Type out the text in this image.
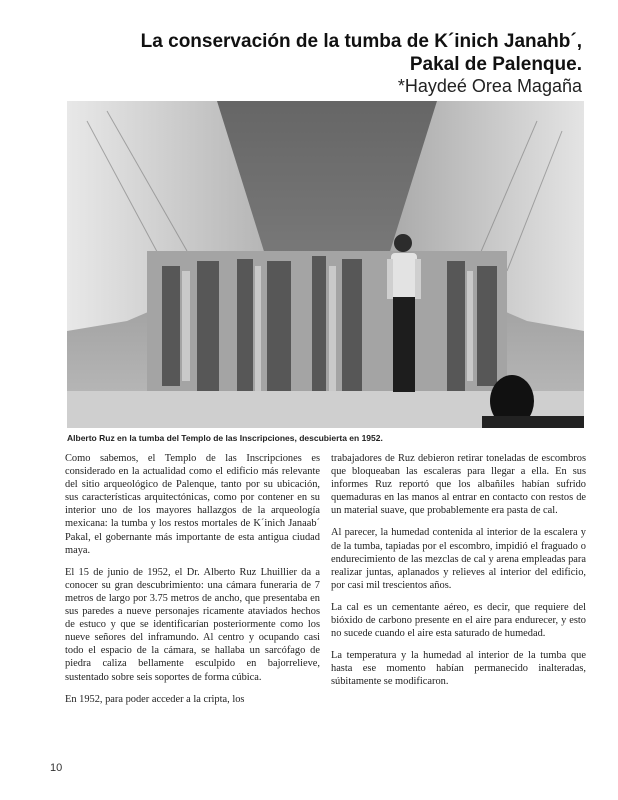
La conservación de la tumba de K´inich Janahb´,
Pakal de Palenque.
*Haydeé Orea Magaña
Alberto Ruz en la tumba del Templo de las Inscripciones, descubierta en 1952.

Como sabemos, el Templo de las Inscripciones es considerado en la actualidad como el edificio más relevante del sitio arqueológico de Palenque, tanto por su ubicación, sus características arquitectónicas, como por contener en su interior uno de los mayores hallazgos de la arqueología mexicana: la tumba y los restos mortales de K´inich Janaab´ Pakal, el gobernante más importante de esta antigua ciudad maya.

El 15 de junio de 1952, el Dr. Alberto Ruz Lhuillier da a conocer su gran descubrimiento: una cámara funeraria de 7 metros de largo por 3.75 metros de ancho, que presentaba en sus paredes a nueve personajes ricamente ataviados hechos de estuco y que se identificarían posteriormente como los nueve señores del inframundo. Al centro y ocupando casi todo el espacio de la cámara, se hallaba un sarcófago de piedra caliza bellamente esculpido en bajorrelieve, sustentado sobre seis soportes de forma cúbica.

En 1952, para poder acceder a la cripta, los

trabajadores de Ruz debieron retirar toneladas de escombros que bloqueaban las escaleras para llegar a ella. En sus informes Ruz reportó que los albañiles habían sufrido quemaduras en las manos al entrar en contacto con restos de un material suave, que probablemente era pasta de cal.

Al parecer, la humedad contenida al interior de la escalera y de la tumba, tapiadas por el escombro, impidió el fraguado o endurecimiento de las mezclas de cal y arena empleadas para realizar juntas, aplanados y relieves al interior del edificio, por casi mil trescientos años.

La cal es un cementante aéreo, es decir, que requiere del bióxido de carbono presente en el aire para endurecer, y esto no sucede cuando el aire esta saturado de humedad.

La temperatura y la humedad al interior de la tumba que hasta ese momento habían permanecido inalteradas, súbitamente se modificaron.

10
